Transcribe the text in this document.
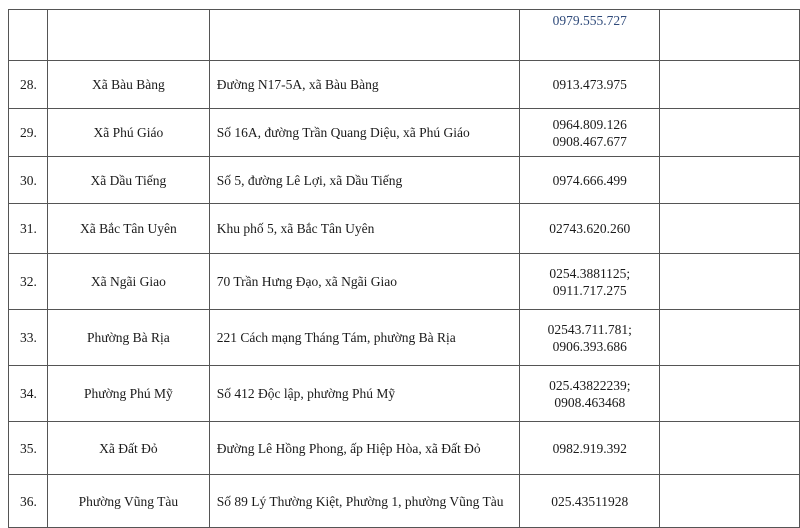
			0979.555.727	

28.	Xã Bàu Bàng	Đường N17-5A, xã Bàu Bàng	0913.473.975	

29.	Xã Phú Giáo	Số 16A, đường Trần Quang Diệu, xã Phú Giáo	0964.809.126
0908.467.677	

30.	Xã Dầu Tiếng	Số 5, đường Lê Lợi, xã Dầu Tiếng	0974.666.499	

31.	Xã Bắc Tân Uyên	Khu phố 5, xã Bắc Tân Uyên	02743.620.260	

32.	Xã Ngãi Giao	70 Trần Hưng Đạo, xã Ngãi Giao	0254.3881125;
0911.717.275	

33.	Phường Bà Rịa	221 Cách mạng Tháng Tám, phường Bà Rịa	02543.711.781;
0906.393.686	

34.	Phường Phú Mỹ	Số 412 Độc lập, phường Phú Mỹ	025.43822239;
0908.463468	

35.	Xã Đất Đỏ	Đường Lê Hồng Phong, ấp Hiệp Hòa, xã Đất Đỏ	0982.919.392	

36.	Phường Vũng Tàu	Số 89 Lý Thường Kiệt, Phường 1, phường Vũng Tàu	025.43511928	
